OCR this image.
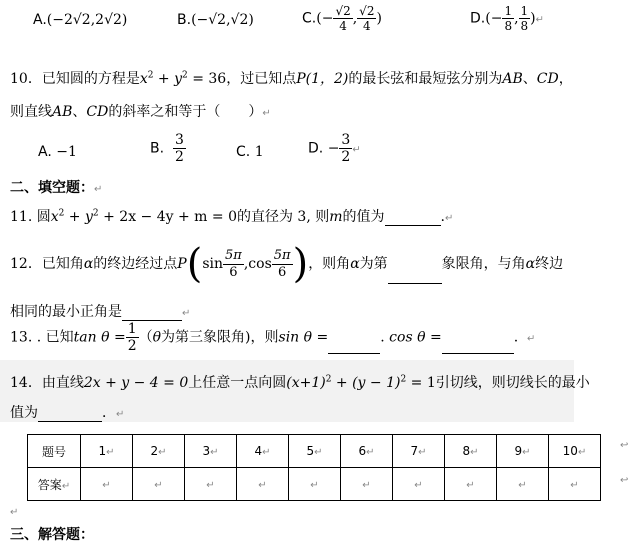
A.(−2√2,2√2)	B.(−√2,√2)	$C.(- \frac{√2}{4}$ , $\frac{√2}{4}$ )	$D.(- \frac{1}{8}$ , $\frac{1}{8}$ )↵
10．已知圆的方程是$x^2 + y^2 = 36$，过已知点P(1，2)的最长弦和最短弦分别为AB、CD，
则直线AB、CD的斜率之和等于（　　）↵
A. −1	B. $\frac{3}{2}$	C. 1	D. − $\frac{3}{2}$ ↵
二、填空题：↵
11. 圆$x^2 + y^2 + 2x - 4y + m = 0$的直径为 3, 则m的值为	.↵
12．已知角α的终边经过点$P(\sin \frac{5\pi}{6} ,\cos \frac{5\pi}{6}$ )，则角α为第	象限角，与角α终边
相同的最小正角是	↵
13. . 已知$\tan \theta = \frac{1}{2} (\theta$为第三象限角)，则sin θ =	. cos θ =	. ↵
14．由直线2x + y − 4 = 0上任意一点向圆$(x+1)^2 + (y - 1)^2 = 1$引切线，则切线长的最小
值为	．↵
题号	1↵	2↵	3↵	4↵	5↵	6↵	7↵	8↵	9↵	10↵
答案↵	↵	↵	↵	↵	↵	↵	↵	↵	↵	↵
↩
↩
↵
三、解答题：
